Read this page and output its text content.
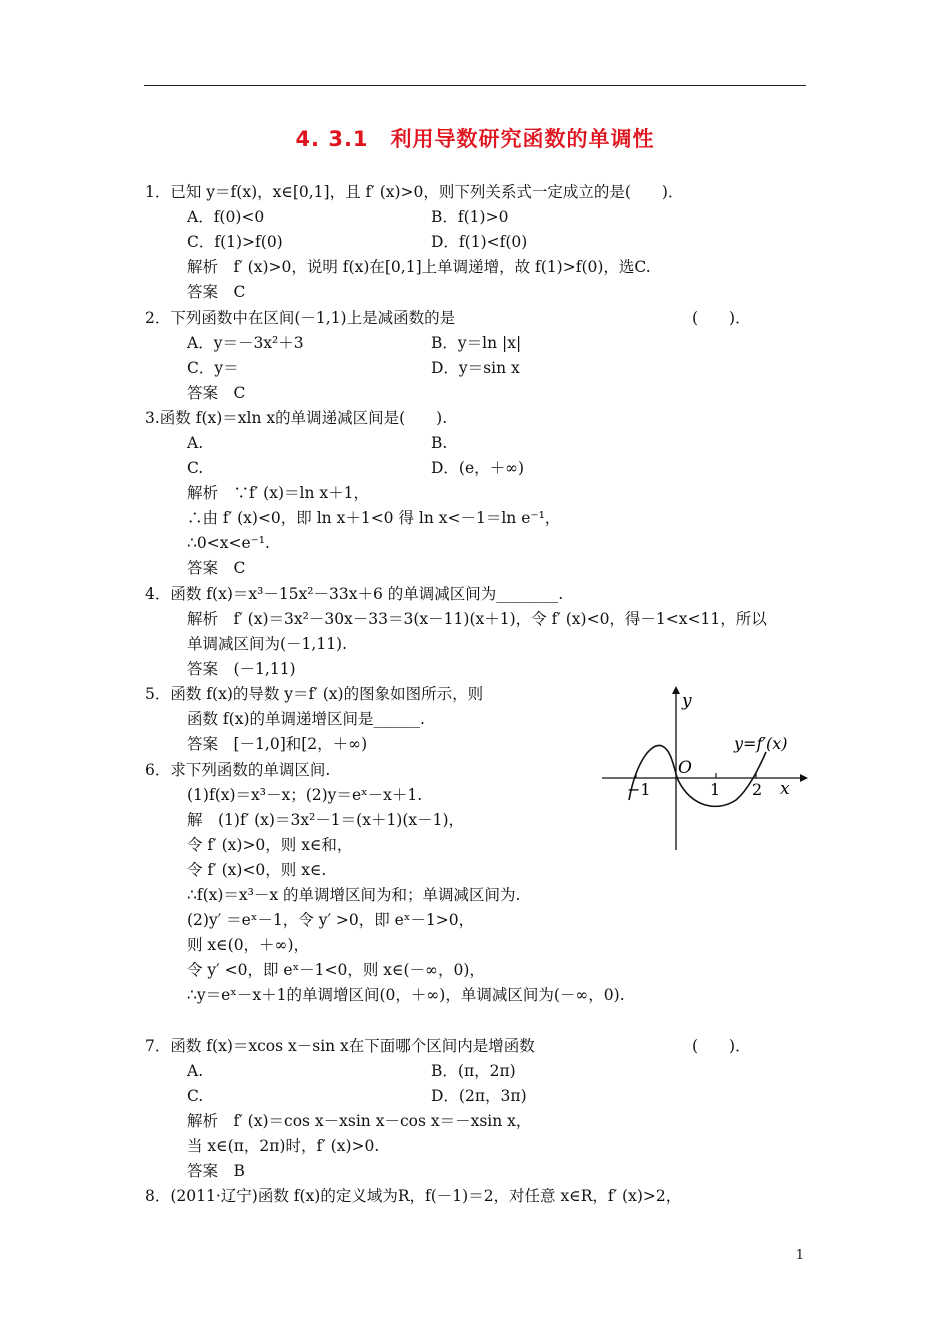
4. 3.1　利用导数研究函数的单调性
1．已知 y＝f(x)，x∈[0,1]，且 f′ (x)>0，则下列关系式一定成立的是(　　)．
A．f(0)<0	B．f(1)>0
C．f(1)>f(0)	D．f(1)<f(0)
解析　f′ (x)>0，说明 f(x)在[0,1]上单调递增，故 f(1)>f(0)，选C.
答案　C
2．下列函数中在区间(－1,1)上是减函数的是	(　　)．
A．y＝－3x²＋3	B．y＝ln |x|
C．y＝	D．y＝sin x
答案　C
3.函数 f(x)＝xln x的单调递减区间是(　　).
A.	B.
C.	D．(e，＋∞)
解析　∵f′ (x)＝ln x＋1，
∴由 f′ (x)<0，即 ln x＋1<0 得 ln x<－1＝ln e⁻¹，
∴0<x<e⁻¹.
答案　C
4．函数 f(x)＝x³－15x²－33x＋6 的单调减区间为________.
解析　f′ (x)＝3x²－30x－33＝3(x－11)(x＋1)，令 f′ (x)<0，得－1<x<11，所以
单调减区间为(－1,11).
答案　(－1,11)
5．函数 f(x)的导数 y＝f′ (x)的图象如图所示，则
函数 f(x)的单调递增区间是______.
答案　[－1,0]和[2，＋∞)
6．求下列函数的单调区间.
(1)f(x)＝x³－x；(2)y＝eˣ－x＋1.
解　(1)f′ (x)＝3x²－1＝(x＋1)(x－1)，
令 f′ (x)>0，则 x∈和，
令 f′ (x)<0，则 x∈.
∴f(x)＝x³－x 的单调增区间为和；单调减区间为.
(2)y′ ＝eˣ－1，令 y′ >0，即 eˣ－1>0，
则 x∈(0，＋∞)，
令 y′ <0，即 eˣ－1<0，则 x∈(－∞，0)，
∴y＝eˣ－x＋1的单调增区间(0，＋∞)，单调减区间为(－∞，0).
7．函数 f(x)＝xcos x－sin x在下面哪个区间内是增函数	(　　)．
A.	B．(π，2π)
C.	D．(2π，3π)
解析　f′ (x)＝cos x－xsin x－cos x＝－xsin x，
当 x∈(π，2π)时，f′ (x)>0.
答案　B
8．(2011·辽宁)函数 f(x)的定义域为R，f(－1)＝2，对任意 x∈R，f′ (x)>2，
y
x
O
−1	1 2
y=f′(x)
1
